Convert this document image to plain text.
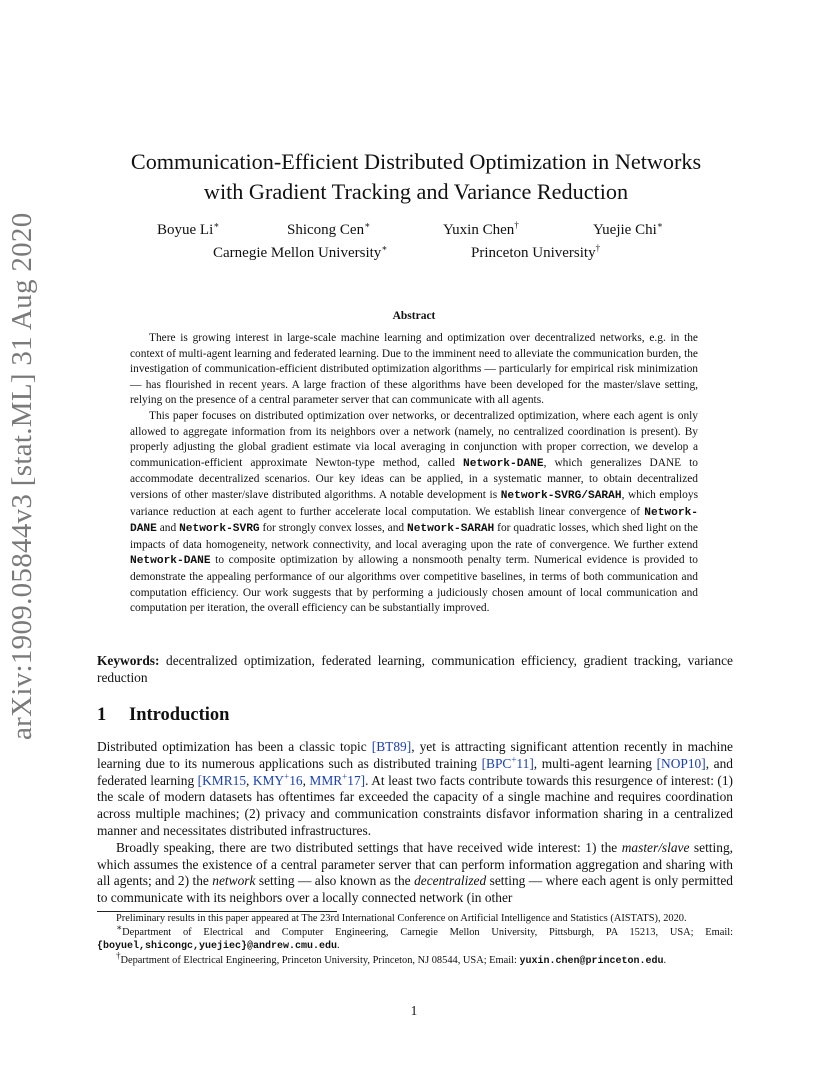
arXiv:1909.05844v3 [stat.ML] 31 Aug 2020
Communication-Efficient Distributed Optimization in Networks
with Gradient Tracking and Variance Reduction
Boyue Li∗	Shicong Cen∗	Yuxin Chen†	Yuejie Chi∗
Carnegie Mellon University∗	Princeton University†
Abstract

There is growing interest in large-scale machine learning and optimization over decentralized networks, e.g. in the context of multi-agent learning and federated learning. Due to the imminent need to alleviate the communication burden, the investigation of communication-efficient distributed optimization algorithms — particularly for empirical risk minimization — has flourished in recent years. A large fraction of these algorithms have been developed for the master/slave setting, relying on the presence of a central parameter server that can communicate with all agents.

This paper focuses on distributed optimization over networks, or decentralized optimization, where each agent is only allowed to aggregate information from its neighbors over a network (namely, no centralized coordination is present). By properly adjusting the global gradient estimate via local averaging in conjunction with proper correction, we develop a communication-efficient approximate Newton-type method, called Network-DANE, which generalizes DANE to accommodate decentralized scenarios. Our key ideas can be applied, in a systematic manner, to obtain decentralized versions of other master/slave distributed algorithms. A notable development is Network-SVRG/SARAH, which employs variance reduction at each agent to further accelerate local computation. We establish linear convergence of Network-DANE and Network-SVRG for strongly convex losses, and Network-SARAH for quadratic losses, which shed light on the impacts of data homogeneity, network connectivity, and local averaging upon the rate of convergence. We further extend Network-DANE to composite optimization by allowing a nonsmooth penalty term. Numerical evidence is provided to demonstrate the appealing performance of our algorithms over competitive baselines, in terms of both communication and computation efficiency. Our work suggests that by performing a judiciously chosen amount of local communication and computation per iteration, the overall efficiency can be substantially improved.

Keywords: decentralized optimization, federated learning, communication efficiency, gradient tracking, variance reduction
1 Introduction

Distributed optimization has been a classic topic [BT89], yet is attracting significant attention recently in machine learning due to its numerous applications such as distributed training [BPC+11], multi-agent learning [NOP10], and federated learning [KMR15, KMY+16, MMR+17]. At least two facts contribute towards this resurgence of interest: (1) the scale of modern datasets has oftentimes far exceeded the capacity of a single machine and requires coordination across multiple machines; (2) privacy and communication constraints disfavor information sharing in a centralized manner and necessitates distributed infrastructures.

Broadly speaking, there are two distributed settings that have received wide interest: 1) the master/slave setting, which assumes the existence of a central parameter server that can perform information aggregation and sharing with all agents; and 2) the network setting — also known as the decentralized setting — where each agent is only permitted to communicate with its neighbors over a locally connected network (in other

Preliminary results in this paper appeared at The 23rd International Conference on Artificial Intelligence and Statistics (AISTATS), 2020.

∗Department of Electrical and Computer Engineering, Carnegie Mellon University, Pittsburgh, PA 15213, USA; Email: {boyuel,shicongc,yuejiec}@andrew.cmu.edu.

†Department of Electrical Engineering, Princeton University, Princeton, NJ 08544, USA; Email: yuxin.chen@princeton.edu.

1
